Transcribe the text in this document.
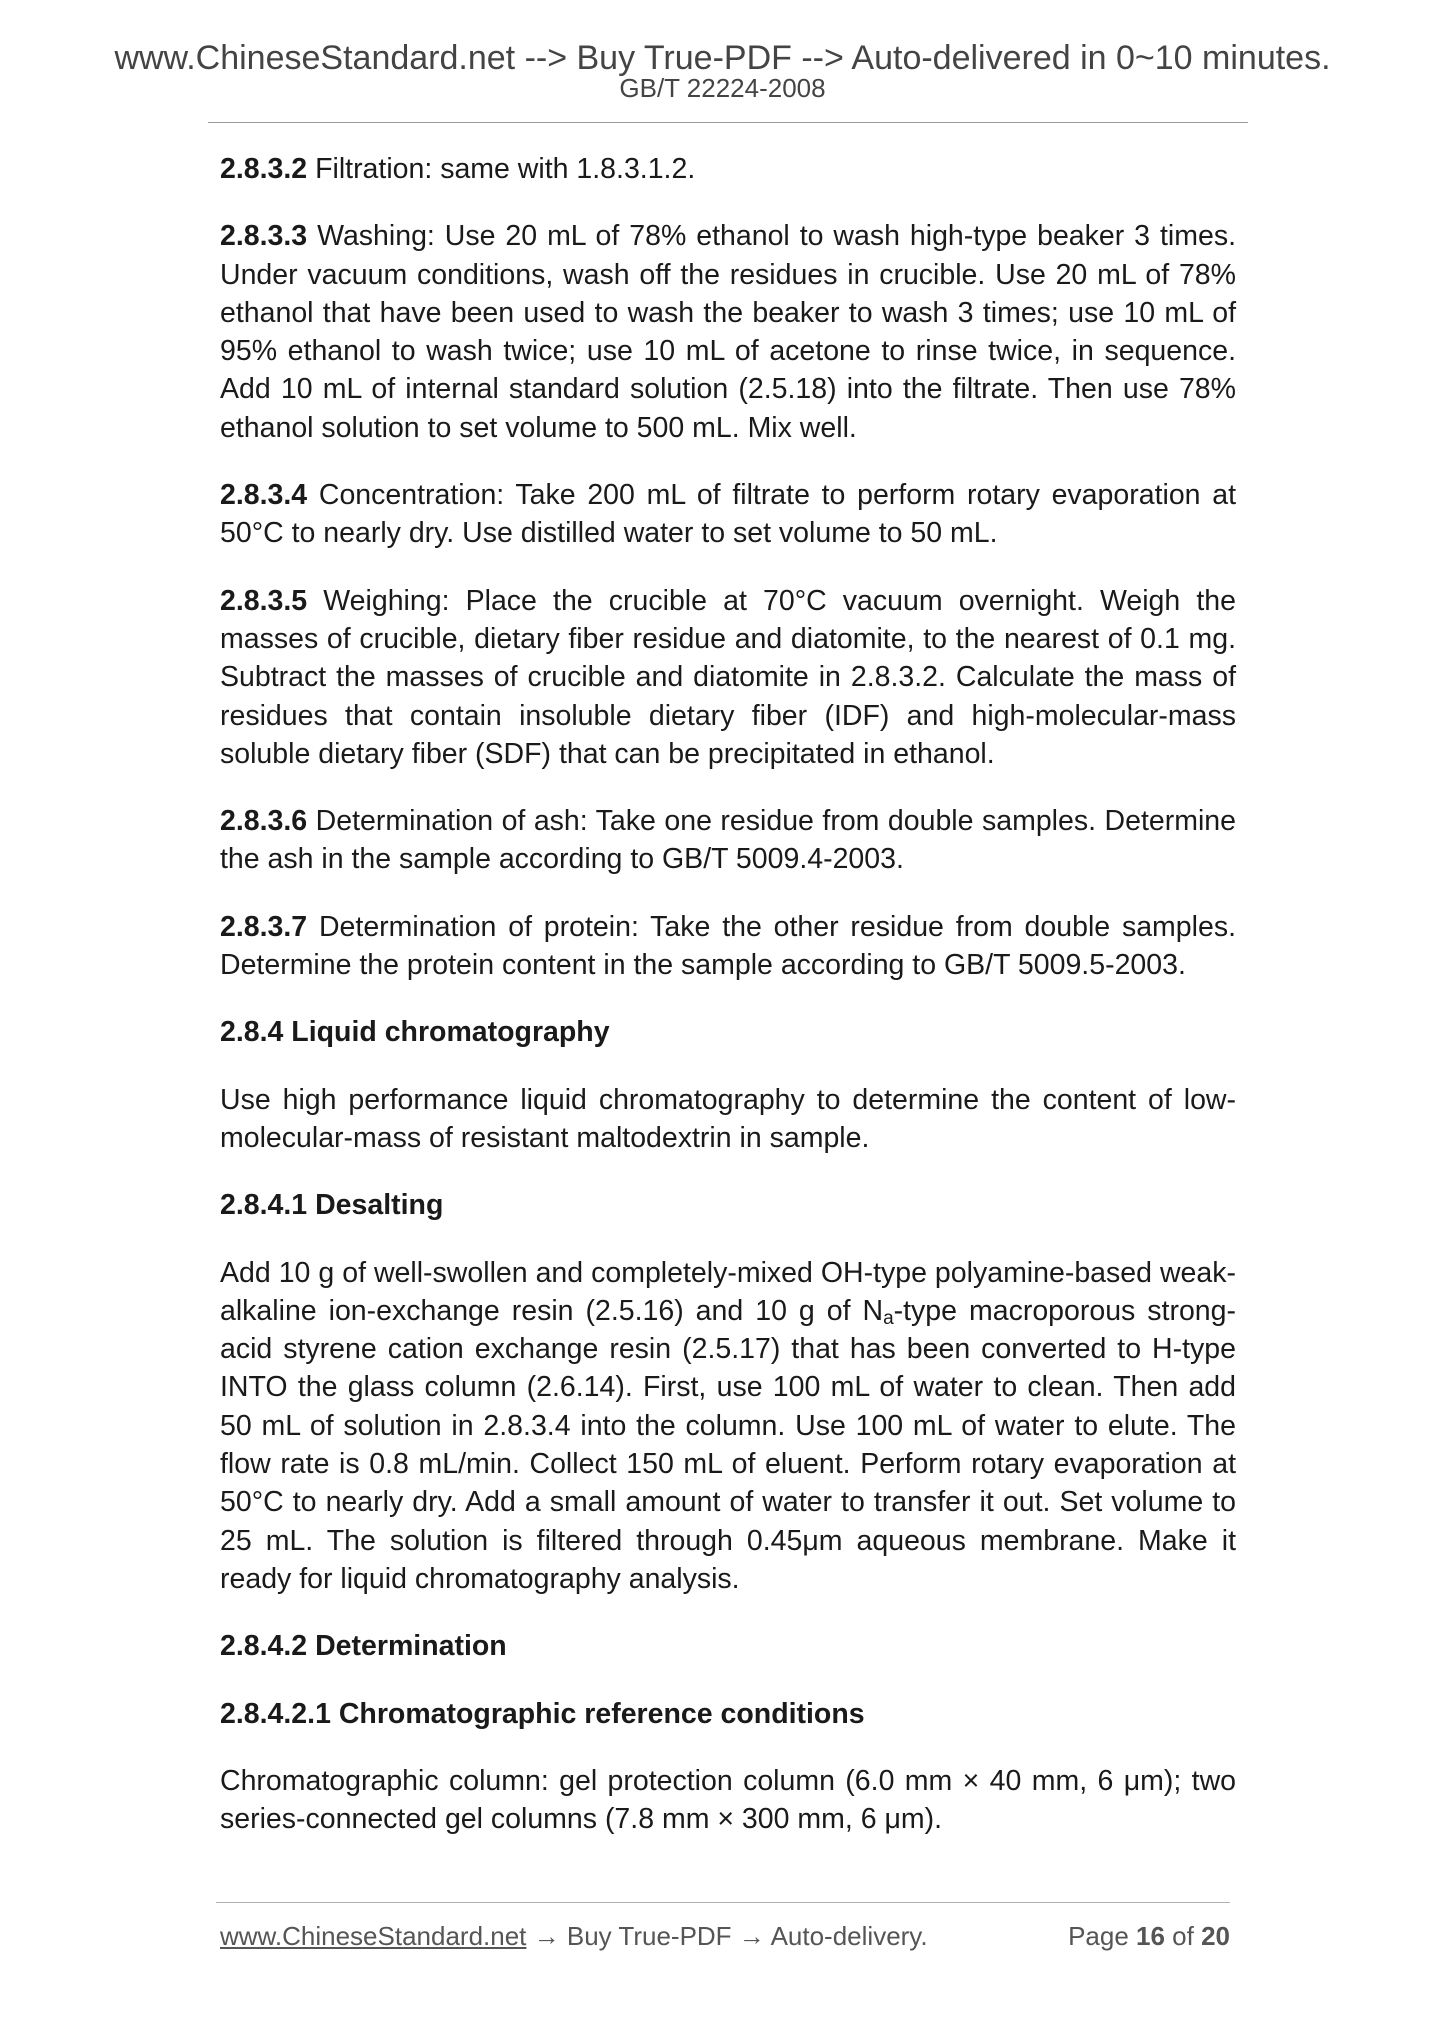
www.ChineseStandard.net --> Buy True-PDF --> Auto-delivered in 0~10 minutes.
GB/T 22224-2008

2.8.3.2 Filtration: same with 1.8.3.1.2.

2.8.3.3 Washing: Use 20 mL of 78% ethanol to wash high-type beaker 3 times. Under vacuum conditions, wash off the residues in crucible. Use 20 mL of 78% ethanol that have been used to wash the beaker to wash 3 times; use 10 mL of 95% ethanol to wash twice; use 10 mL of acetone to rinse twice, in sequence. Add 10 mL of internal standard solution (2.5.18) into the filtrate. Then use 78% ethanol solution to set volume to 500 mL. Mix well.

2.8.3.4 Concentration: Take 200 mL of filtrate to perform rotary evaporation at 50°C to nearly dry. Use distilled water to set volume to 50 mL.

2.8.3.5 Weighing: Place the crucible at 70°C vacuum overnight. Weigh the masses of crucible, dietary fiber residue and diatomite, to the nearest of 0.1 mg. Subtract the masses of crucible and diatomite in 2.8.3.2. Calculate the mass of residues that contain insoluble dietary fiber (IDF) and high-molecular-mass soluble dietary fiber (SDF) that can be precipitated in ethanol.

2.8.3.6 Determination of ash: Take one residue from double samples. Determine the ash in the sample according to GB/T 5009.4-2003.

2.8.3.7 Determination of protein: Take the other residue from double samples. Determine the protein content in the sample according to GB/T 5009.5-2003.

2.8.4 Liquid chromatography

Use high performance liquid chromatography to determine the content of low-molecular-mass of resistant maltodextrin in sample.

2.8.4.1 Desalting

Add 10 g of well-swollen and completely-mixed OH-type polyamine-based weak-alkaline ion-exchange resin (2.5.16) and 10 g of $N_a$-type macroporous strong-acid styrene cation exchange resin (2.5.17) that has been converted to H-type INTO the glass column (2.6.14). First, use 100 mL of water to clean. Then add 50 mL of solution in 2.8.3.4 into the column. Use 100 mL of water to elute. The flow rate is 0.8 mL/min. Collect 150 mL of eluent. Perform rotary evaporation at 50°C to nearly dry. Add a small amount of water to transfer it out. Set volume to 25 mL. The solution is filtered through 0.45μm aqueous membrane. Make it ready for liquid chromatography analysis.

2.8.4.2 Determination
2.8.4.2.1 Chromatographic reference conditions

Chromatographic column: gel protection column (6.0 mm × 40 mm, 6 μm); two series-connected gel columns (7.8 mm × 300 mm, 6 μm).

www.ChineseStandard.net → Buy True-PDF → Auto-delivery.	Page 16 of 20
